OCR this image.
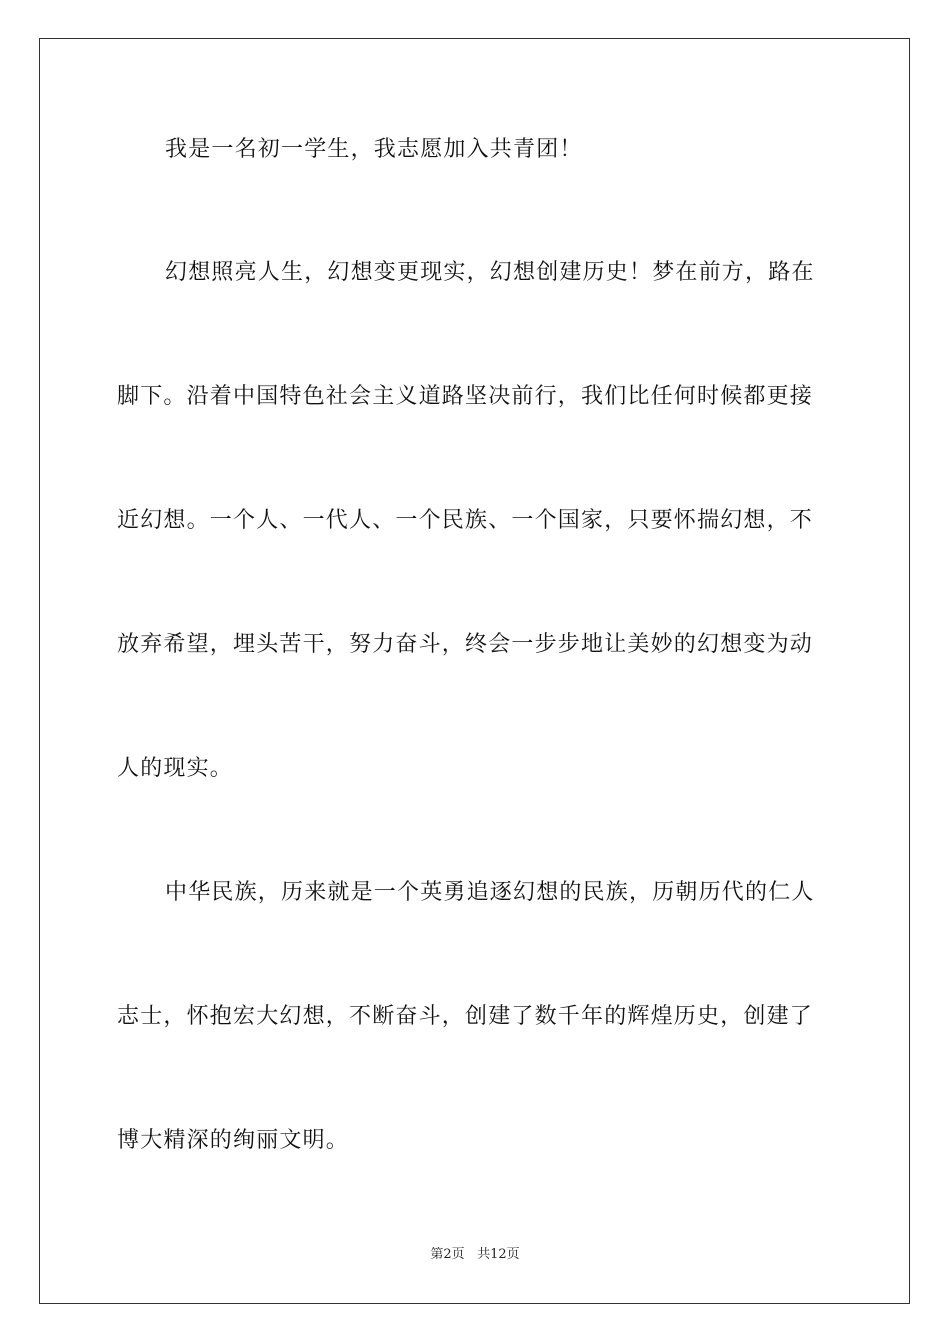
我是一名初一学生，我志愿加入共青团！
幻想照亮人生，幻想变更现实，幻想创建历史！梦在前方，路在
脚下。沿着中国特色社会主义道路坚决前行，我们比任何时候都更接
近幻想。一个人、一代人、一个民族、一个国家，只要怀揣幻想，不
放弃希望，埋头苦干，努力奋斗，终会一步步地让美妙的幻想变为动
人的现实。
中华民族，历来就是一个英勇追逐幻想的民族，历朝历代的仁人
志士，怀抱宏大幻想，不断奋斗，创建了数千年的辉煌历史，创建了
博大精深的绚丽文明。
第2页 共12页
